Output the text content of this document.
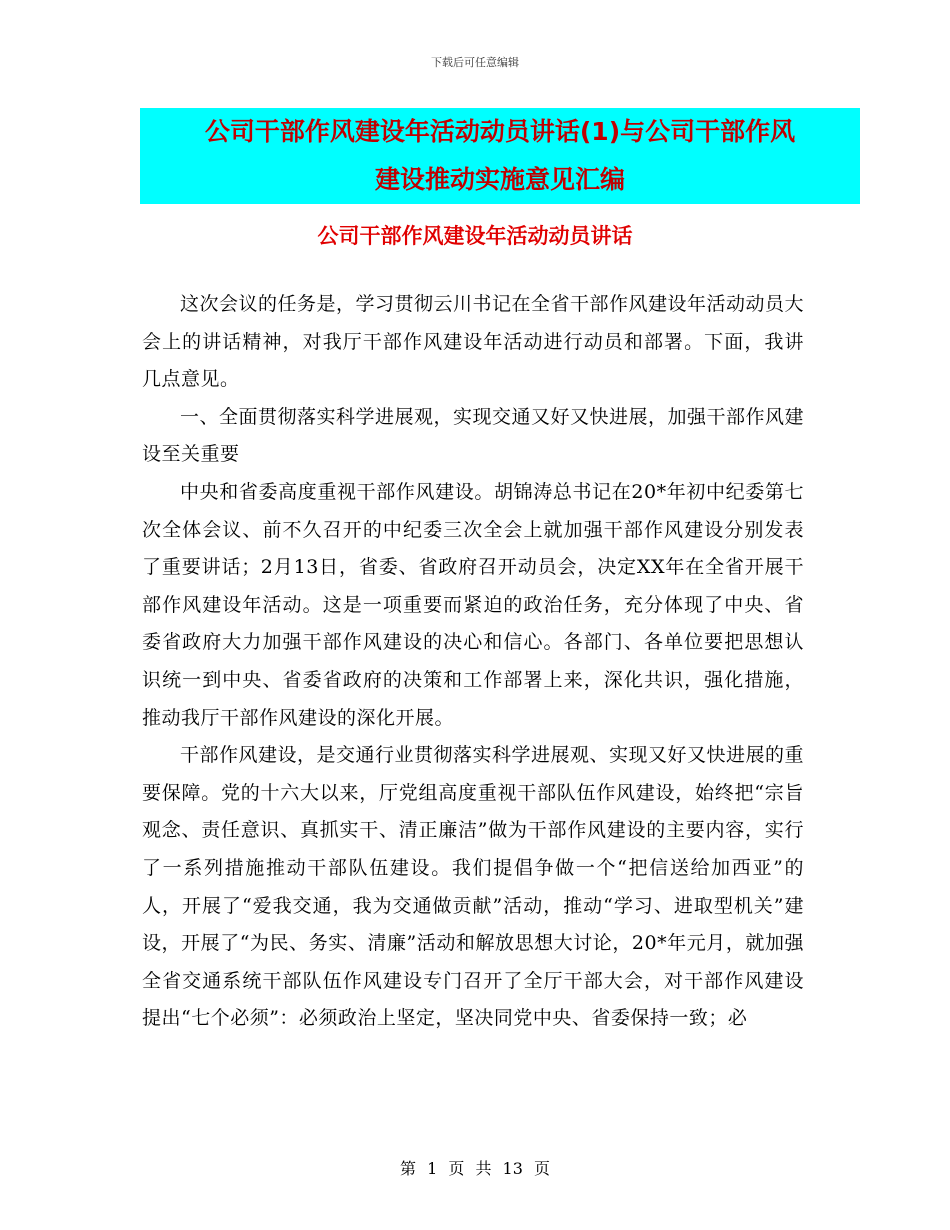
下载后可任意编辑
公司干部作风建设年活动动员讲话(1)与公司干部作风
建设推动实施意见汇编
公司干部作风建设年活动动员讲话

这次会议的任务是，学习贯彻云川书记在全省干部作风建设年活动动员大会上的讲话精神，对我厅干部作风建设年活动进行动员和部署。下面，我讲几点意见。

一、全面贯彻落实科学进展观，实现交通又好又快进展，加强干部作风建设至关重要

中央和省委高度重视干部作风建设。胡锦涛总书记在20*年初中纪委第七次全体会议、前不久召开的中纪委三次全会上就加强干部作风建设分别发表了重要讲话；2月13日，省委、省政府召开动员会，决定XX年在全省开展干部作风建设年活动。这是一项重要而紧迫的政治任务，充分体现了中央、省委省政府大力加强干部作风建设的决心和信心。各部门、各单位要把思想认识统一到中央、省委省政府的决策和工作部署上来，深化共识，强化措施，推动我厅干部作风建设的深化开展。

干部作风建设，是交通行业贯彻落实科学进展观、实现又好又快进展的重要保障。党的十六大以来，厅党组高度重视干部队伍作风建设，始终把“宗旨观念、责任意识、真抓实干、清正廉洁”做为干部作风建设的主要内容，实行了一系列措施推动干部队伍建设。我们提倡争做一个“把信送给加西亚”的人，开展了“爱我交通，我为交通做贡献”活动，推动“学习、进取型机关”建设，开展了“为民、务实、清廉”活动和解放思想大讨论，20*年元月，就加强全省交通系统干部队伍作风建设专门召开了全厅干部大会，对干部作风建设提出“七个必须”：必须政治上坚定，坚决同党中央、省委保持一致；必

第 1 页 共 13 页
